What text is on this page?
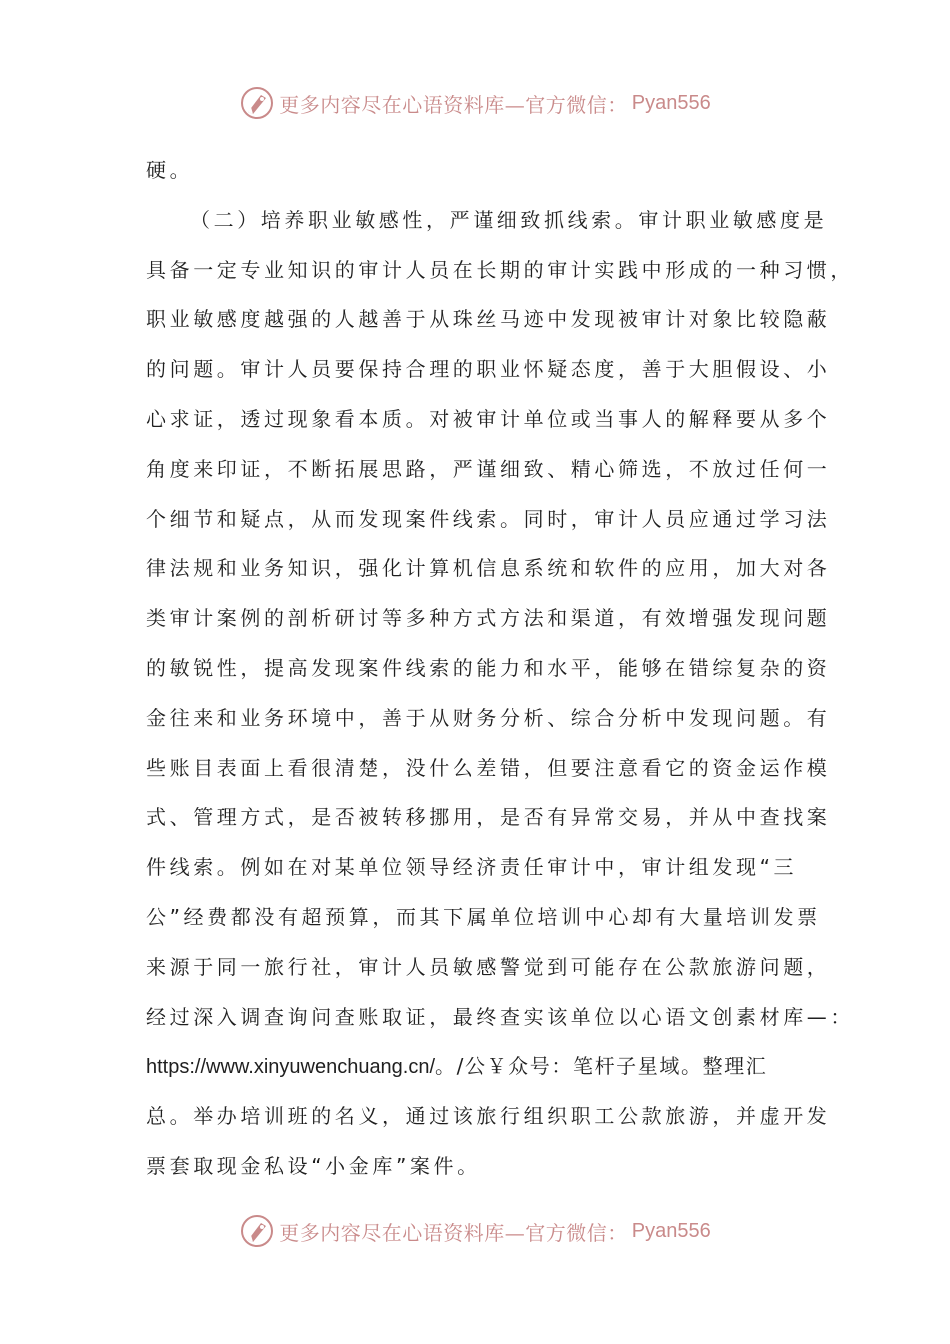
更多内容尽在心语资料库—官方微信： Pyan556
硬。
（二）培养职业敏感性，严谨细致抓线索。审计职业敏感度是
具备一定专业知识的审计人员在长期的审计实践中形成的一种习惯，
职业敏感度越强的人越善于从珠丝马迹中发现被审计对象比较隐蔽
的问题。审计人员要保持合理的职业怀疑态度，善于大胆假设、小
心求证，透过现象看本质。对被审计单位或当事人的解释要从多个
角度来印证，不断拓展思路，严谨细致、精心筛选，不放过任何一
个细节和疑点，从而发现案件线索。同时，审计人员应通过学习法
律法规和业务知识，强化计算机信息系统和软件的应用，加大对各
类审计案例的剖析研讨等多种方式方法和渠道，有效增强发现问题
的敏锐性，提高发现案件线索的能力和水平，能够在错综复杂的资
金往来和业务环境中，善于从财务分析、综合分析中发现问题。有
些账目表面上看很清楚，没什么差错，但要注意看它的资金运作模
式、管理方式，是否被转移挪用，是否有异常交易，并从中查找案
件线索。例如在对某单位领导经济责任审计中，审计组发现“三
公”经费都没有超预算，而其下属单位培训中心却有大量培训发票
来源于同一旅行社，审计人员敏感警觉到可能存在公款旅游问题，
经过深入调查询问查账取证，最终查实该单位以心语文创素材库—：
https://www.xinyuwenchuang.cn/。/公￥众号：笔杆子星域。整理汇
总。举办培训班的名义，通过该旅行组织职工公款旅游，并虚开发
票套取现金私设“小金库”案件。
更多内容尽在心语资料库—官方微信： Pyan556
